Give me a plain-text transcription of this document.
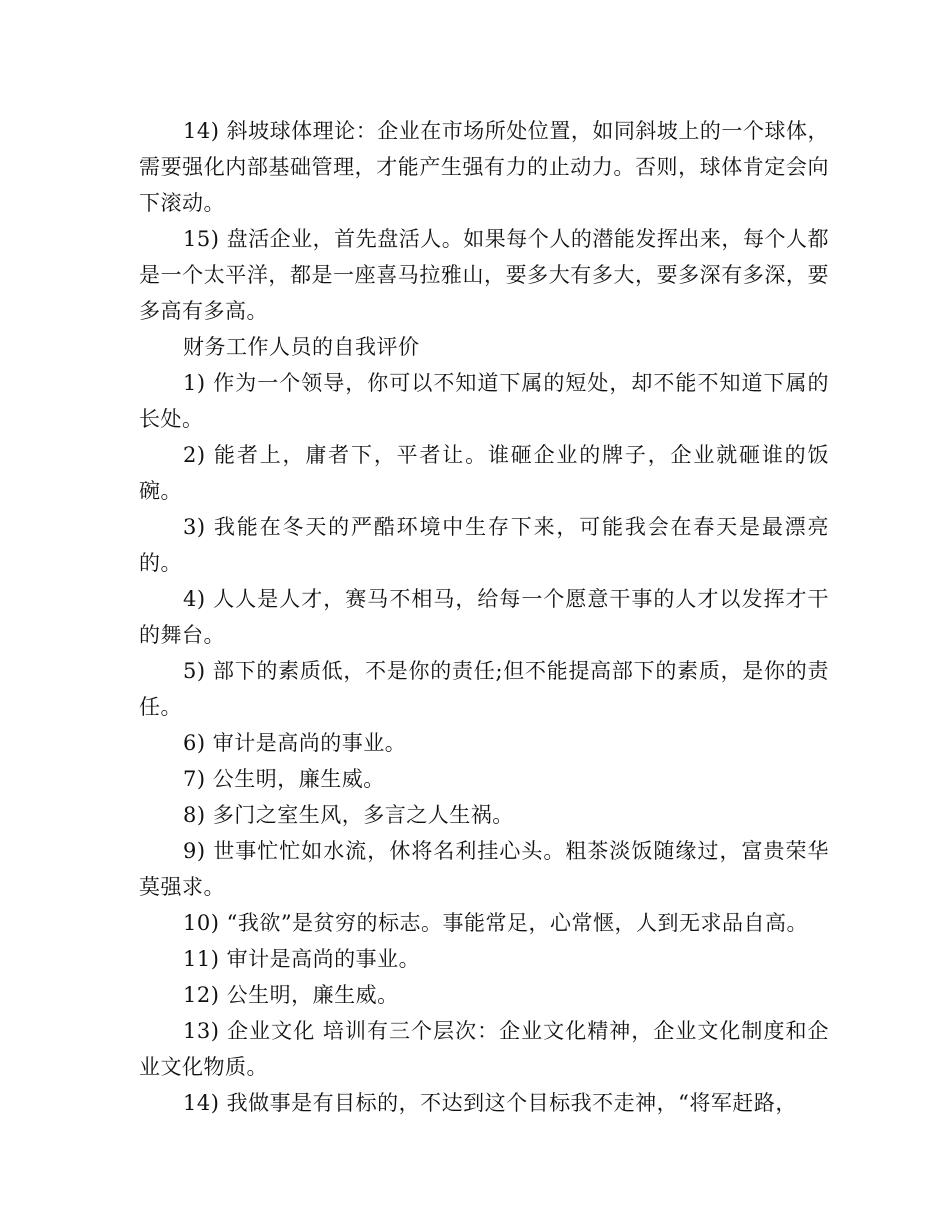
14) 斜坡球体理论：企业在市场所处位置，如同斜坡上的一个球体，需要强化内部基础管理，才能产生强有力的止动力。否则，球体肯定会向下滚动。

15) 盘活企业，首先盘活人。如果每个人的潜能发挥出来，每个人都是一个太平洋，都是一座喜马拉雅山，要多大有多大，要多深有多深，要多高有多高。

财务工作人员的自我评价

1) 作为一个领导，你可以不知道下属的短处，却不能不知道下属的长处。

2) 能者上，庸者下，平者让。谁砸企业的牌子，企业就砸谁的饭碗。

3) 我能在冬天的严酷环境中生存下来，可能我会在春天是最漂亮的。

4) 人人是人才，赛马不相马，给每一个愿意干事的人才以发挥才干的舞台。

5) 部下的素质低，不是你的责任;但不能提高部下的素质，是你的责任。

6) 审计是高尚的事业。

7) 公生明，廉生威。

8) 多门之室生风，多言之人生祸。

9) 世事忙忙如水流，休将名利挂心头。粗茶淡饭随缘过，富贵荣华莫强求。

10) “我欲”是贫穷的标志。事能常足，心常惬，人到无求品自高。

11) 审计是高尚的事业。

12) 公生明，廉生威。

13) 企业文化 培训有三个层次：企业文化精神，企业文化制度和企业文化物质。

14) 我做事是有目标的，不达到这个目标我不走神，“将军赶路，
